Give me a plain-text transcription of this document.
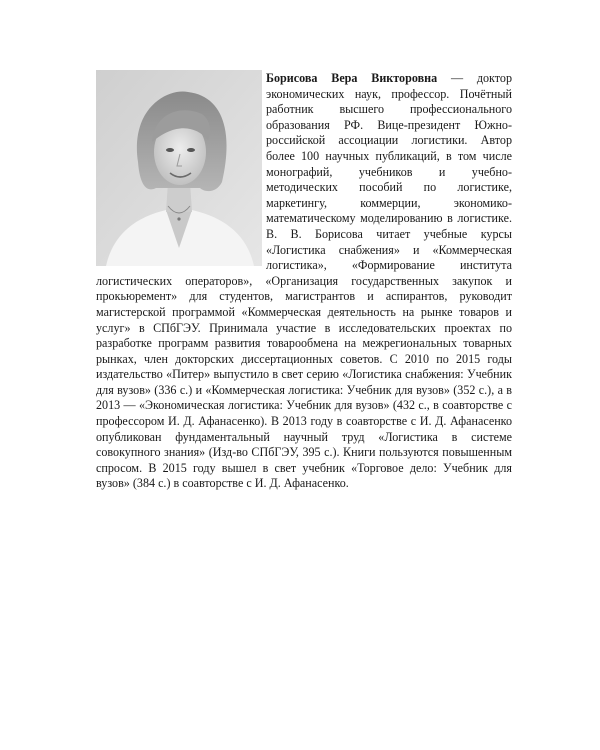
Борисова Вера Викторовна — доктор экономических наук, профессор. Почётный работник высшего профессионального образования РФ. Вице-президент Южно-российской ассоциации логистики. Автор более 100 научных публикаций, в том числе монографий, учебников и учебно-методических пособий по логистике, маркетингу, коммерции, экономико-математическому моделированию в логистике. В. В. Борисова читает учебные курсы «Логистика снабжения» и «Коммерческая логистика», «Формирование института логистических операторов», «Организация государственных закупок и прокьюремент» для студентов, магистрантов и аспирантов, руководит магистерской программой «Коммерческая деятельность на рынке товаров и услуг» в СПбГЭУ. Принимала участие в исследовательских проектах по разработке программ развития товарообмена на межрегиональных товарных рынках, член докторских диссертационных советов. С 2010 по 2015 годы издательство «Питер» выпустило в свет серию «Логистика снабжения: Учебник для вузов» (336 с.) и «Коммерческая логистика: Учебник для вузов» (352 с.), а в 2013 — «Экономическая логистика: Учебник для вузов» (432 с., в соавторстве с профессором И. Д. Афанасенко). В 2013 году в соавторстве с И. Д. Афанасенко опубликован фундаментальный научный труд «Логистика в системе совокупного знания» (Изд-во СПбГЭУ, 395 с.). Книги пользуются повышенным спросом. В 2015 году вышел в свет учебник «Торговое дело: Учебник для вузов» (384 с.) в соавторстве с И. Д. Афанасенко.
